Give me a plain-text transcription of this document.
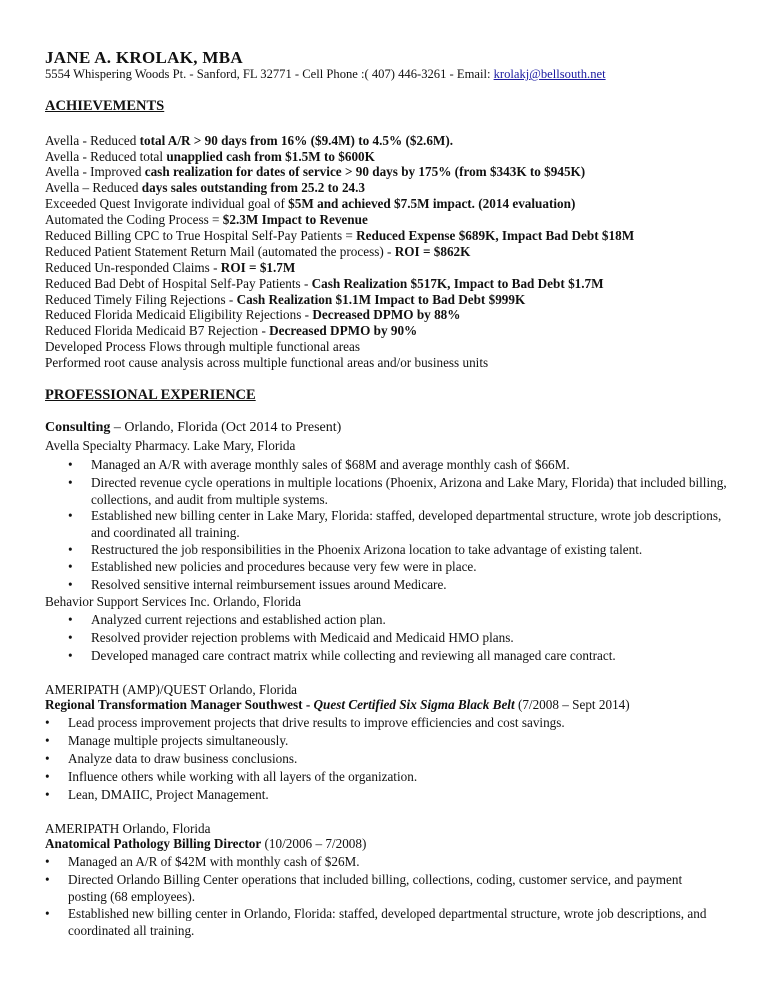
JANE A. KROLAK, MBA
5554 Whispering Woods Pt. - Sanford, FL 32771 - Cell Phone :( 407) 446-3261 - Email: krolakj@bellsouth.net
ACHIEVEMENTS
Avella - Reduced total A/R > 90 days from 16% ($9.4M) to 4.5% ($2.6M).
Avella - Reduced total unapplied cash from $1.5M to $600K
Avella - Improved cash realization for dates of service > 90 days by 175% (from $343K to $945K)
Avella – Reduced days sales outstanding from 25.2 to 24.3
Exceeded Quest Invigorate individual goal of $5M and achieved $7.5M impact. (2014 evaluation)
Automated the Coding Process = $2.3M Impact to Revenue
Reduced Billing CPC to True Hospital Self-Pay Patients = Reduced Expense $689K, Impact Bad Debt $18M
Reduced Patient Statement Return Mail (automated the process) - ROI = $862K
Reduced Un-responded Claims - ROI = $1.7M
Reduced Bad Debt of Hospital Self-Pay Patients - Cash Realization $517K, Impact to Bad Debt $1.7M
Reduced Timely Filing Rejections - Cash Realization $1.1M Impact to Bad Debt $999K
Reduced Florida Medicaid Eligibility Rejections - Decreased DPMO by 88%
Reduced Florida Medicaid B7 Rejection - Decreased DPMO by 90%
Developed Process Flows through multiple functional areas
Performed root cause analysis across multiple functional areas and/or business units
PROFESSIONAL EXPERIENCE
Consulting – Orlando, Florida (Oct 2014 to Present)
Avella Specialty Pharmacy. Lake Mary, Florida
• Managed an A/R with average monthly sales of $68M and average monthly cash of $66M.
• Directed revenue cycle operations in multiple locations (Phoenix, Arizona and Lake Mary, Florida) that included billing, collections, and audit from multiple systems.
• Established new billing center in Lake Mary, Florida: staffed, developed departmental structure, wrote job descriptions, and coordinated all training.
• Restructured the job responsibilities in the Phoenix Arizona location to take advantage of existing talent.
• Established new policies and procedures because very few were in place.
• Resolved sensitive internal reimbursement issues around Medicare.
Behavior Support Services Inc. Orlando, Florida
• Analyzed current rejections and established action plan.
• Resolved provider rejection problems with Medicaid and Medicaid HMO plans.
• Developed managed care contract matrix while collecting and reviewing all managed care contract.
AMERIPATH (AMP)/QUEST Orlando, Florida
Regional Transformation Manager Southwest - Quest Certified Six Sigma Black Belt (7/2008 – Sept 2014)
• Lead process improvement projects that drive results to improve efficiencies and cost savings.
• Manage multiple projects simultaneously.
• Analyze data to draw business conclusions.
• Influence others while working with all layers of the organization.
• Lean, DMAIIC, Project Management.
AMERIPATH Orlando, Florida
Anatomical Pathology Billing Director (10/2006 – 7/2008)
• Managed an A/R of $42M with monthly cash of $26M.
• Directed Orlando Billing Center operations that included billing, collections, coding, customer service, and payment posting (68 employees).
• Established new billing center in Orlando, Florida: staffed, developed departmental structure, wrote job descriptions, and coordinated all training.
